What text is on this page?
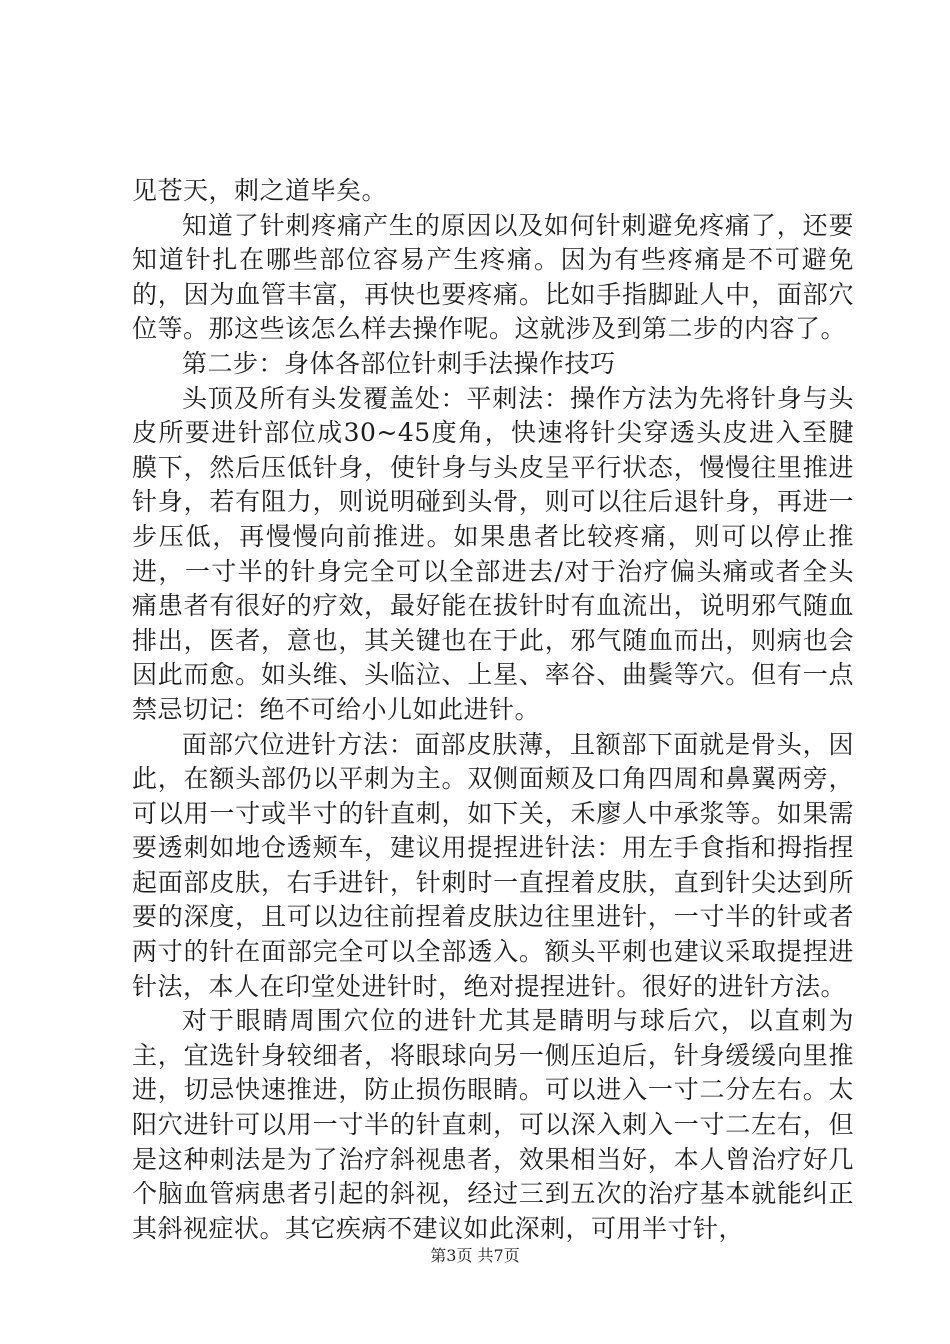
见苍天，刺之道毕矣。

知道了针刺疼痛产生的原因以及如何针刺避免疼痛了，还要知道针扎在哪些部位容易产生疼痛。因为有些疼痛是不可避免的，因为血管丰富，再快也要疼痛。比如手指脚趾人中，面部穴位等。那这些该怎么样去操作呢。这就涉及到第二步的内容了。

第二步：身体各部位针刺手法操作技巧

头顶及所有头发覆盖处：平刺法：操作方法为先将针身与头皮所要进针部位成30~45度角，快速将针尖穿透头皮进入至腱膜下，然后压低针身，使针身与头皮呈平行状态，慢慢往里推进针身，若有阻力，则说明碰到头骨，则可以往后退针身，再进一步压低，再慢慢向前推进。如果患者比较疼痛，则可以停止推进，一寸半的针身完全可以全部进去/对于治疗偏头痛或者全头痛患者有很好的疗效，最好能在拔针时有血流出，说明邪气随血排出，医者，意也，其关键也在于此，邪气随血而出，则病也会因此而愈。如头维、头临泣、上星、率谷、曲鬓等穴。但有一点禁忌切记：绝不可给小儿如此进针。

面部穴位进针方法：面部皮肤薄，且额部下面就是骨头，因此，在额头部仍以平刺为主。双侧面颊及口角四周和鼻翼两旁，可以用一寸或半寸的针直刺，如下关，禾廖人中承浆等。如果需要透刺如地仓透颊车，建议用提捏进针法：用左手食指和拇指捏起面部皮肤，右手进针，针刺时一直捏着皮肤，直到针尖达到所要的深度，且可以边往前捏着皮肤边往里进针，一寸半的针或者两寸的针在面部完全可以全部透入。额头平刺也建议采取提捏进针法，本人在印堂处进针时，绝对提捏进针。很好的进针方法。

对于眼睛周围穴位的进针尤其是睛明与球后穴，以直刺为主，宜选针身较细者，将眼球向另一侧压迫后，针身缓缓向里推进，切忌快速推进，防止损伤眼睛。可以进入一寸二分左右。太阳穴进针可以用一寸半的针直刺，可以深入刺入一寸二左右，但是这种刺法是为了治疗斜视患者，效果相当好，本人曾治疗好几个脑血管病患者引起的斜视，经过三到五次的治疗基本就能纠正其斜视症状。其它疾病不建议如此深刺，可用半寸针，

第3页 共7页
